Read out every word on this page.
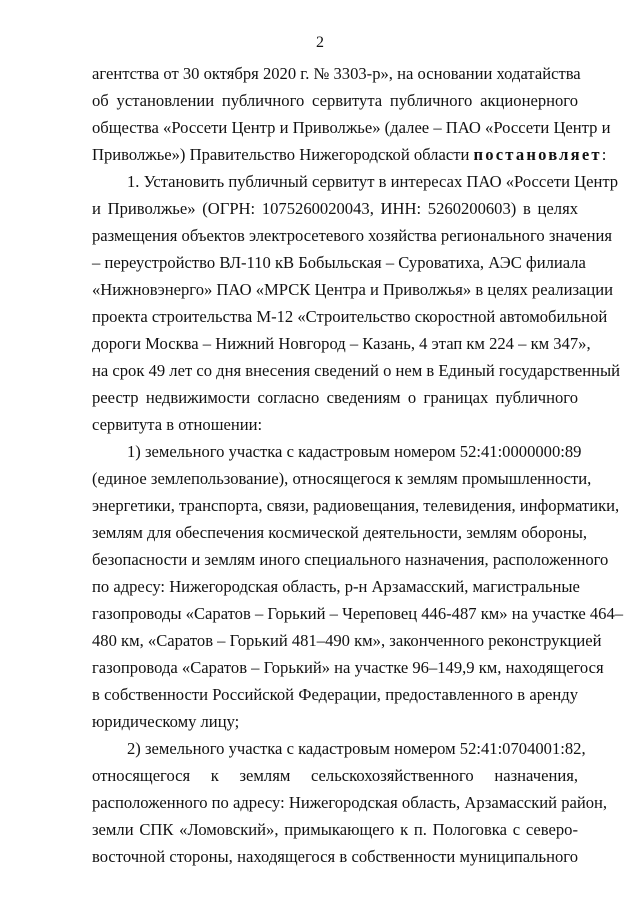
2
агентства от 30 октября 2020 г. № 3303-р», на основании ходатайства
об установлении публичного сервитута публичного акционерного
общества «Россети Центр и Приволжье» (далее – ПАО «Россети Центр и
Приволжье») Правительство Нижегородской области постановляет:
1. Установить публичный сервитут в интересах ПАО «Россети Центр
и Приволжье» (ОГРН: 1075260020043, ИНН: 5260200603) в целях
размещения объектов электросетевого хозяйства регионального значения
– переустройство ВЛ-110 кВ Бобыльская – Суроватиха, АЭС филиала
«Нижновэнерго» ПАО «МРСК Центра и Приволжья» в целях реализации
проекта строительства М-12 «Строительство скоростной автомобильной
дороги Москва – Нижний Новгород – Казань, 4 этап км 224 – км 347»,
на срок 49 лет со дня внесения сведений о нем в Единый государственный
реестр недвижимости согласно сведениям о границах публичного
сервитута в отношении:
1) земельного участка с кадастровым номером 52:41:0000000:89
(единое землепользование), относящегося к землям промышленности,
энергетики, транспорта, связи, радиовещания, телевидения, информатики,
землям для обеспечения космической деятельности, землям обороны,
безопасности и землям иного специального назначения, расположенного
по адресу: Нижегородская область, р-н Арзамасский, магистральные
газопроводы «Саратов – Горький – Череповец 446-487 км» на участке 464–
480 км, «Саратов – Горький 481–490 км», законченного реконструкцией
газопровода «Саратов – Горький» на участке 96–149,9 км, находящегося
в собственности Российской Федерации, предоставленного в аренду
юридическому лицу;
2) земельного участка с кадастровым номером 52:41:0704001:82,
относящегося к землям сельскохозяйственного назначения,
расположенного по адресу: Нижегородская область, Арзамасский район,
земли СПК «Ломовский», примыкающего к п. Пологовка с северо-
восточной стороны, находящегося в собственности муниципального
